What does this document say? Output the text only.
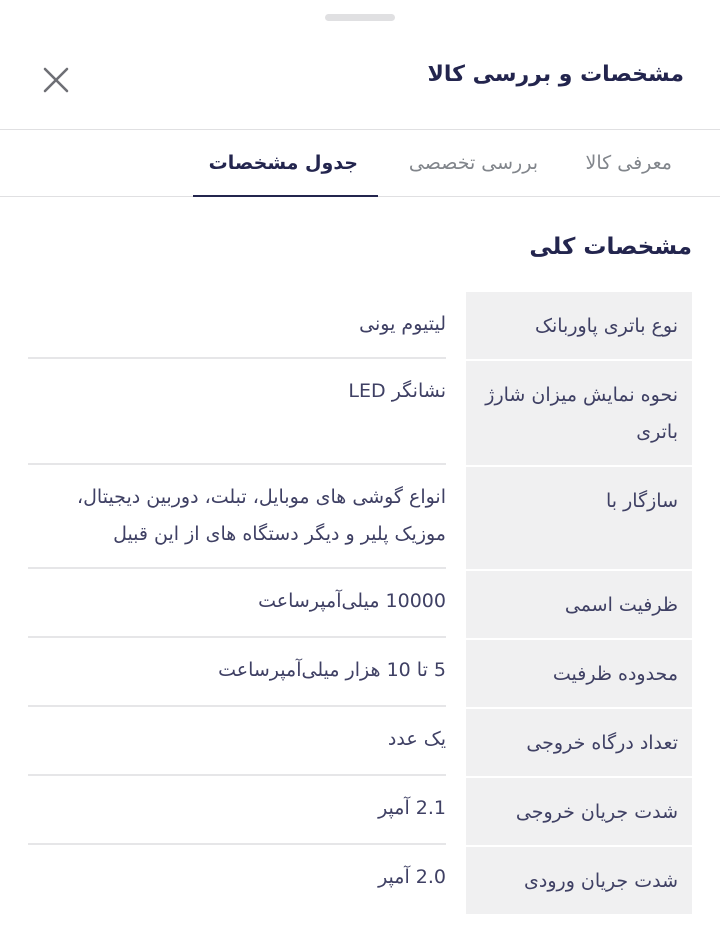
مشخصات و بررسی کالا
معرفی کالا
بررسی تخصصی
جدول مشخصات
مشخصات کلی
نوع باتری پاوربانک
لیتیوم یونی
نحوه نمایش میزان شارژ باتری
نشانگر LED
سازگار با
انواع گوشی های موبایل، تبلت، دوربین دیجیتال، موزیک پلیر و دیگر دستگاه های از این قبیل
ظرفیت اسمی
10000 میلی‌آمپرساعت
محدوده ظرفیت
5 تا 10 هزار میلی‌آمپرساعت
تعداد درگاه خروجی
یک عدد
شدت جریان خروجی
2.1 آمپر
شدت جریان ورودی
2.0 آمپر
